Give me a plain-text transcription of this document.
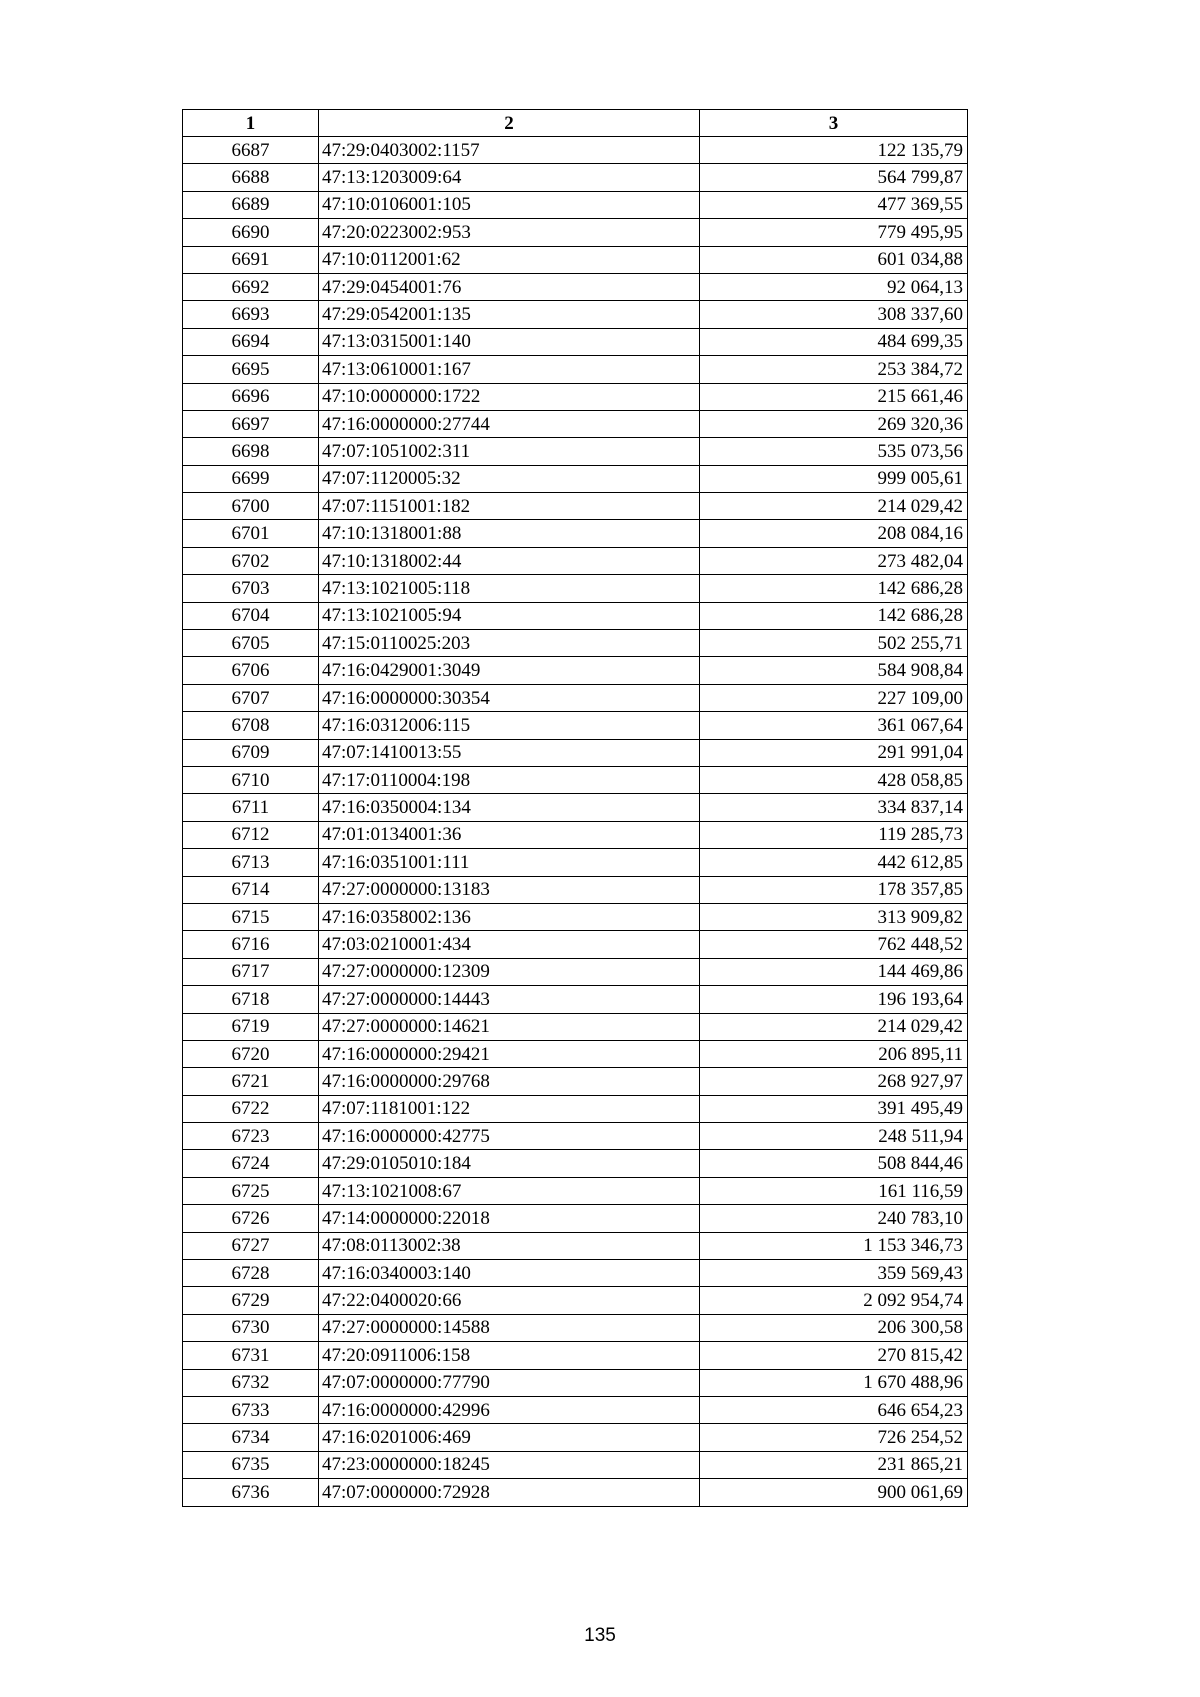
1	2	3
6687	47:29:0403002:1157	122 135,79
6688	47:13:1203009:64	564 799,87
6689	47:10:0106001:105	477 369,55
6690	47:20:0223002:953	779 495,95
6691	47:10:0112001:62	601 034,88
6692	47:29:0454001:76	92 064,13
6693	47:29:0542001:135	308 337,60
6694	47:13:0315001:140	484 699,35
6695	47:13:0610001:167	253 384,72
6696	47:10:0000000:1722	215 661,46
6697	47:16:0000000:27744	269 320,36
6698	47:07:1051002:311	535 073,56
6699	47:07:1120005:32	999 005,61
6700	47:07:1151001:182	214 029,42
6701	47:10:1318001:88	208 084,16
6702	47:10:1318002:44	273 482,04
6703	47:13:1021005:118	142 686,28
6704	47:13:1021005:94	142 686,28
6705	47:15:0110025:203	502 255,71
6706	47:16:0429001:3049	584 908,84
6707	47:16:0000000:30354	227 109,00
6708	47:16:0312006:115	361 067,64
6709	47:07:1410013:55	291 991,04
6710	47:17:0110004:198	428 058,85
6711	47:16:0350004:134	334 837,14
6712	47:01:0134001:36	119 285,73
6713	47:16:0351001:111	442 612,85
6714	47:27:0000000:13183	178 357,85
6715	47:16:0358002:136	313 909,82
6716	47:03:0210001:434	762 448,52
6717	47:27:0000000:12309	144 469,86
6718	47:27:0000000:14443	196 193,64
6719	47:27:0000000:14621	214 029,42
6720	47:16:0000000:29421	206 895,11
6721	47:16:0000000:29768	268 927,97
6722	47:07:1181001:122	391 495,49
6723	47:16:0000000:42775	248 511,94
6724	47:29:0105010:184	508 844,46
6725	47:13:1021008:67	161 116,59
6726	47:14:0000000:22018	240 783,10
6727	47:08:0113002:38	1 153 346,73
6728	47:16:0340003:140	359 569,43
6729	47:22:0400020:66	2 092 954,74
6730	47:27:0000000:14588	206 300,58
6731	47:20:0911006:158	270 815,42
6732	47:07:0000000:77790	1 670 488,96
6733	47:16:0000000:42996	646 654,23
6734	47:16:0201006:469	726 254,52
6735	47:23:0000000:18245	231 865,21
6736	47:07:0000000:72928	900 061,69
135
